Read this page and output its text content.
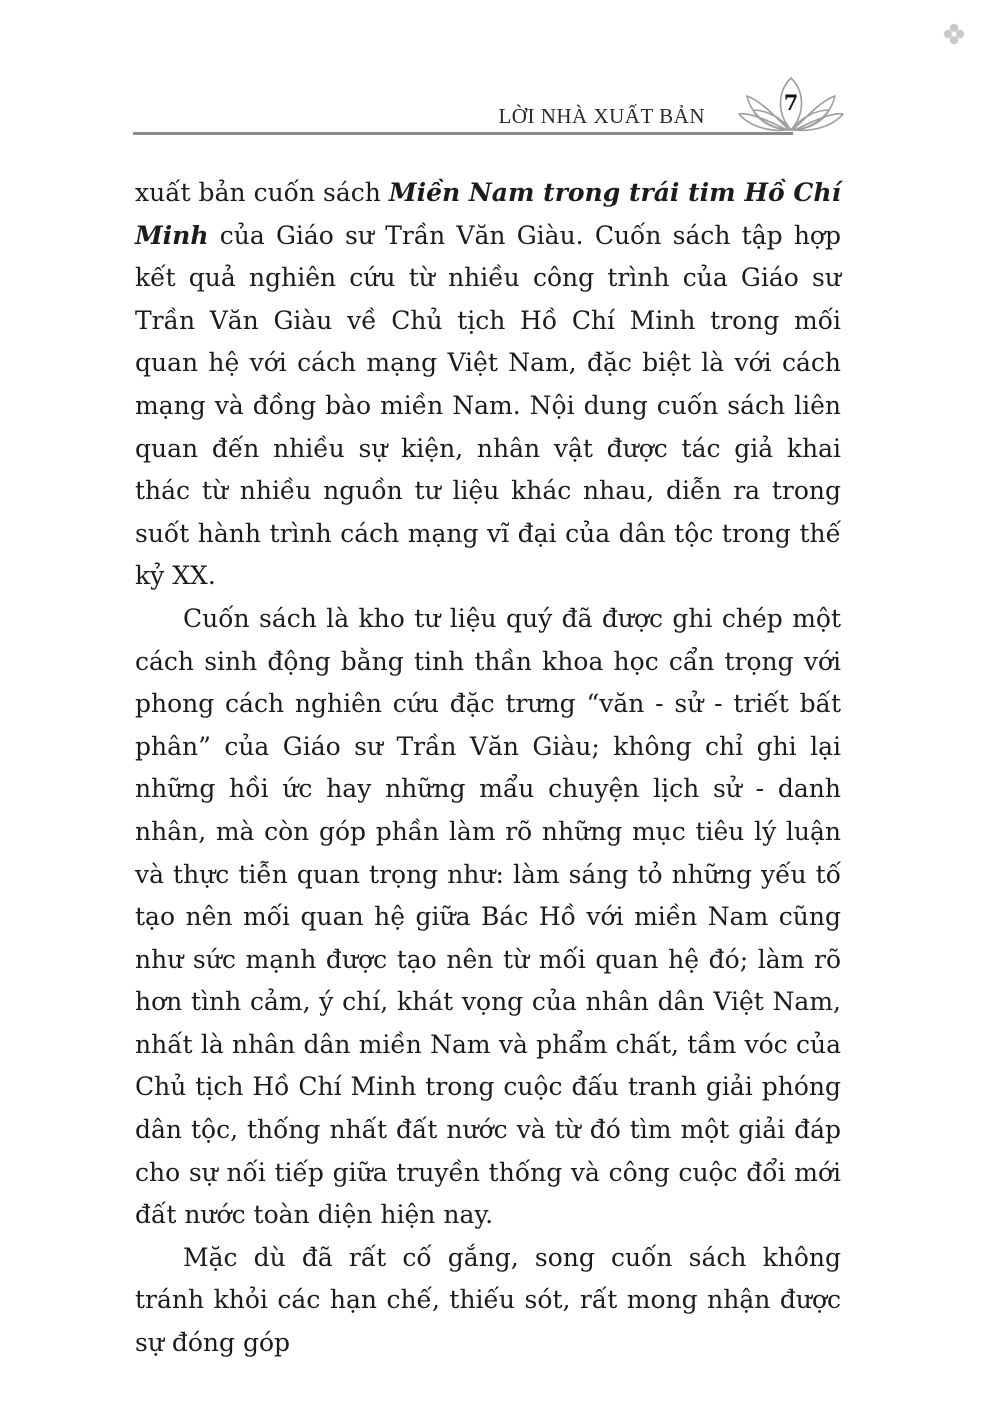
LỜI NHÀ XUẤT BẢN
7

xuất bản cuốn sách Miền Nam trong trái tim Hồ Chí Minh của Giáo sư Trần Văn Giàu. Cuốn sách tập hợp kết quả nghiên cứu từ nhiều công trình của Giáo sư Trần Văn Giàu về Chủ tịch Hồ Chí Minh trong mối quan hệ với cách mạng Việt Nam, đặc biệt là với cách mạng và đồng bào miền Nam. Nội dung cuốn sách liên quan đến nhiều sự kiện, nhân vật được tác giả khai thác từ nhiều nguồn tư liệu khác nhau, diễn ra trong suốt hành trình cách mạng vĩ đại của dân tộc trong thế kỷ XX.

Cuốn sách là kho tư liệu quý đã được ghi chép một cách sinh động bằng tinh thần khoa học cẩn trọng với phong cách nghiên cứu đặc trưng “văn - sử - triết bất phân” của Giáo sư Trần Văn Giàu; không chỉ ghi lại những hồi ức hay những mẩu chuyện lịch sử - danh nhân, mà còn góp phần làm rõ những mục tiêu lý luận và thực tiễn quan trọng như: làm sáng tỏ những yếu tố tạo nên mối quan hệ giữa Bác Hồ với miền Nam cũng như sức mạnh được tạo nên từ mối quan hệ đó; làm rõ hơn tình cảm, ý chí, khát vọng của nhân dân Việt Nam, nhất là nhân dân miền Nam và phẩm chất, tầm vóc của Chủ tịch Hồ Chí Minh trong cuộc đấu tranh giải phóng dân tộc, thống nhất đất nước và từ đó tìm một giải đáp cho sự nối tiếp giữa truyền thống và công cuộc đổi mới đất nước toàn diện hiện nay.

Mặc dù đã rất cố gắng, song cuốn sách không tránh khỏi các hạn chế, thiếu sót, rất mong nhận được sự đóng góp
